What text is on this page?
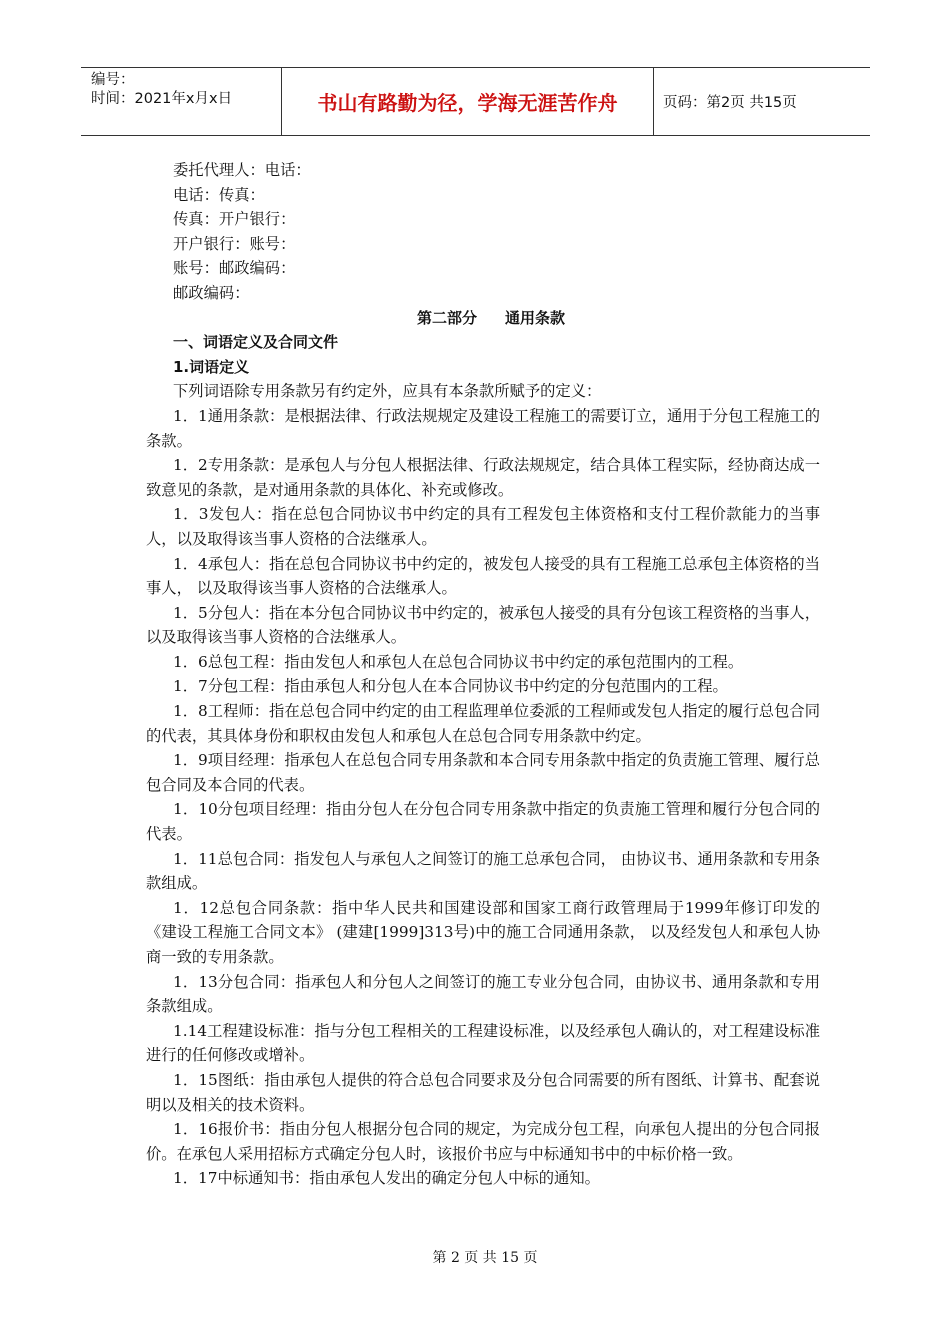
编号：
时间：2021年x月x日	书山有路勤为径，学海无涯苦作舟	页码：第2页 共15页
委托代理人：电话：
电话：传真：
传真：开户银行：
开户银行：账号：
账号：邮政编码：
邮政编码：
第二部分 通用条款
一、词语定义及合同文件
1.词语定义
下列词语除专用条款另有约定外，应具有本条款所赋予的定义：
1．1通用条款：是根据法律、行政法规规定及建设工程施工的需要订立，通用于分包工程施工的条款。
1．2专用条款：是承包人与分包人根据法律、行政法规规定，结合具体工程实际，经协商达成一致意见的条款，是对通用条款的具体化、补充或修改。
1．3发包人：指在总包合同协议书中约定的具有工程发包主体资格和支付工程价款能力的当事人，以及取得该当事人资格的合法继承人。
1．4承包人：指在总包合同协议书中约定的，被发包人接受的具有工程施工总承包主体资格的当事人， 以及取得该当事人资格的合法继承人。
1．5分包人：指在本分包合同协议书中约定的，被承包人接受的具有分包该工程资格的当事人，以及取得该当事人资格的合法继承人。
1．6总包工程：指由发包人和承包人在总包合同协议书中约定的承包范围内的工程。
1．7分包工程：指由承包人和分包人在本合同协议书中约定的分包范围内的工程。
1．8工程师：指在总包合同中约定的由工程监理单位委派的工程师或发包人指定的履行总包合同的代表，其具体身份和职权由发包人和承包人在总包合同专用条款中约定。
1．9项目经理：指承包人在总包合同专用条款和本合同专用条款中指定的负责施工管理、履行总包合同及本合同的代表。
1．10分包项目经理：指由分包人在分包合同专用条款中指定的负责施工管理和履行分包合同的代表。
1．11总包合同：指发包人与承包人之间签订的施工总承包合同， 由协议书、通用条款和专用条款组成。
1．12总包合同条款：指中华人民共和国建设部和国家工商行政管理局于1999年修订印发的《建设工程施工合同文本》 (建建[1999]313号)中的施工合同通用条款， 以及经发包人和承包人协商一致的专用条款。
1．13分包合同：指承包人和分包人之间签订的施工专业分包合同，由协议书、通用条款和专用条款组成。
1.14工程建设标准：指与分包工程相关的工程建设标准，以及经承包人确认的，对工程建设标准进行的任何修改或增补。
1．15图纸：指由承包人提供的符合总包合同要求及分包合同需要的所有图纸、计算书、配套说明以及相关的技术资料。
1．16报价书：指由分包人根据分包合同的规定，为完成分包工程，向承包人提出的分包合同报价。在承包人采用招标方式确定分包人时，该报价书应与中标通知书中的中标价格一致。
1．17中标通知书：指由承包人发出的确定分包人中标的通知。
第 2 页 共 15 页
